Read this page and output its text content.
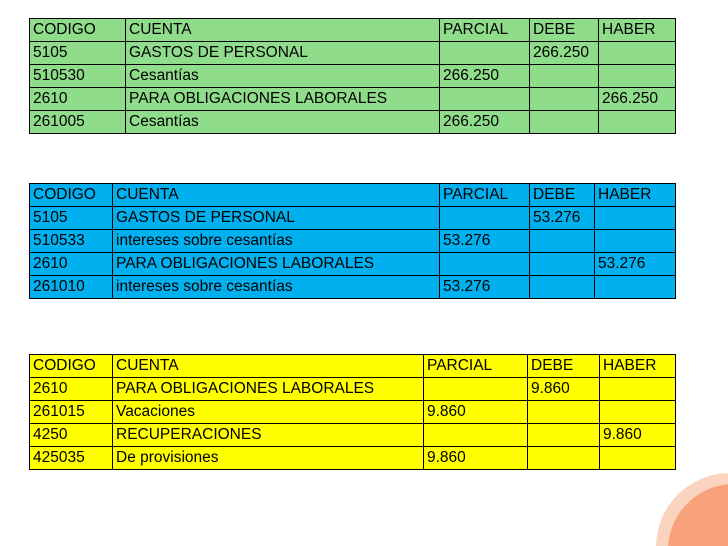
CODIGO	CUENTA	PARCIAL	DEBE	HABER
5105	GASTOS DE PERSONAL		266.250	
510530	Cesantías	266.250		
2610	PARA OBLIGACIONES LABORALES			266.250
261005	Cesantías	266.250		
CODIGO	CUENTA	PARCIAL	DEBE	HABER
5105	GASTOS DE PERSONAL		53.276	
510533	intereses sobre cesantías	53.276		
2610	PARA OBLIGACIONES LABORALES			53.276
261010	intereses sobre cesantías	53.276		
CODIGO	CUENTA	PARCIAL	DEBE	HABER
2610	PARA OBLIGACIONES LABORALES		9.860	
261015	Vacaciones	9.860		
4250	RECUPERACIONES			9.860
425035	De provisiones	9.860		
